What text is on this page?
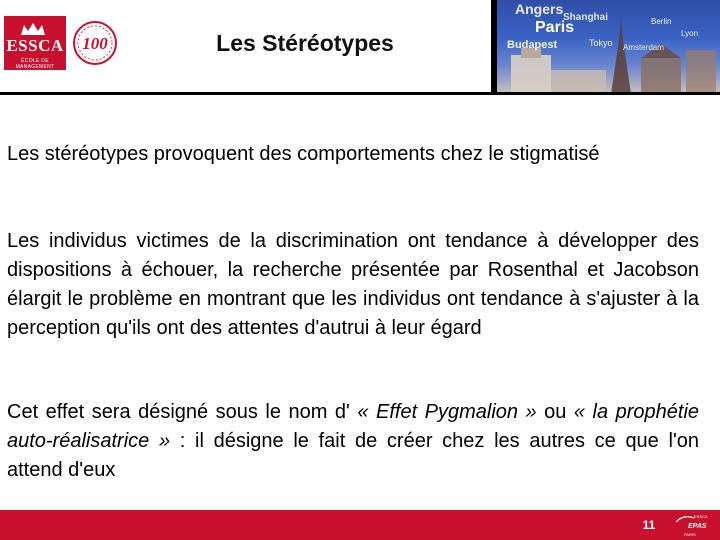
ESSCA
ÉCOLE DE MANAGEMENT
100	Les Stéréotypes
Angers
Shanghai
Paris
Budapest	Tokyo Amsterdam
Berlin
Lyon

Les stéréotypes provoquent des comportements chez le stigmatisé

Les individus victimes de la discrimination ont tendance à développer des dispositions à échouer, la recherche présentée par Rosenthal et Jacobson élargit le problème en montrant que les individus ont tendance à s'ajuster à la perception qu'ils ont des attentes d'autrui à leur égard

Cet effet sera désigné sous le nom d' « Effet Pygmalion » ou « la prophétie auto-réalisatrice » : il désigne le fait de créer chez les autres ce que l'on attend d'eux

11
ESSCA
EPAS
PARIS
